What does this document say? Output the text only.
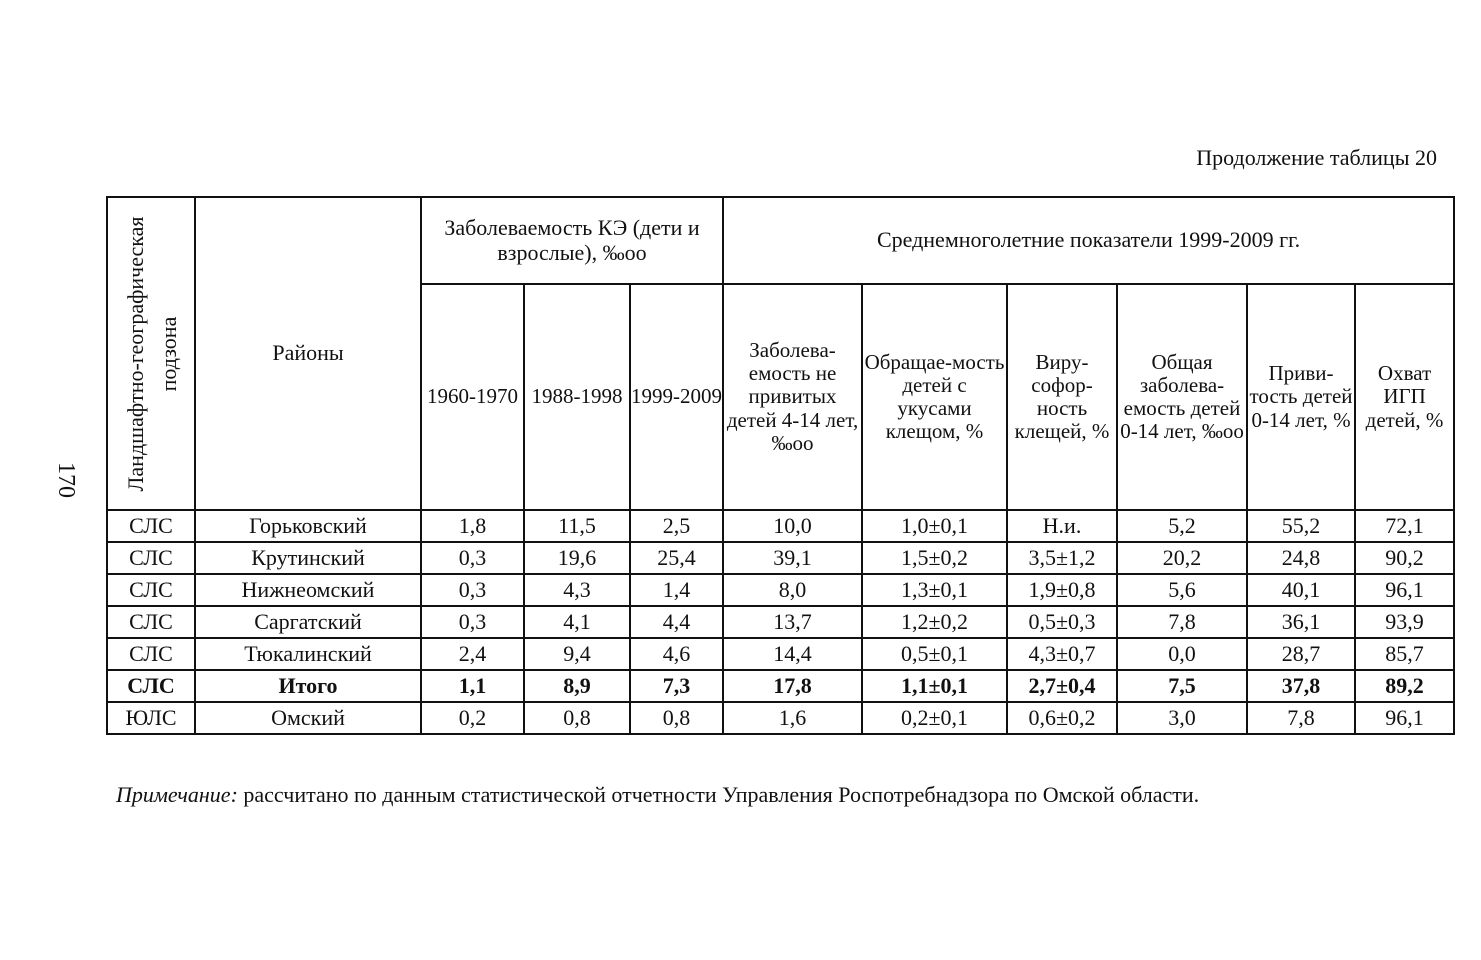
170
Продолжение таблицы 20
Ландшафтно-географическая подзона	Районы	Заболеваемость КЭ (дети и взрослые), ‰oo			Среднемноголетние показатели 1999-2009 гг.					
		1960-1970	1988-1998	1999-2009	Заболева-емость не привитых детей 4-14 лет, ‰oo	Обращае-мость детей с укусами клещом, %	Виру-софор-ность клещей, %	Общая заболева-емость детей 0-14 лет, ‰oo	Приви-тость детей 0-14 лет, %	Охват ИГП детей, %
СЛС	Горьковский	1,8	11,5	2,5	10,0	1,0±0,1	Н.и.	5,2	55,2	72,1
СЛС	Крутинский	0,3	19,6	25,4	39,1	1,5±0,2	3,5±1,2	20,2	24,8	90,2
СЛС	Нижнеомский	0,3	4,3	1,4	8,0	1,3±0,1	1,9±0,8	5,6	40,1	96,1
СЛС	Саргатский	0,3	4,1	4,4	13,7	1,2±0,2	0,5±0,3	7,8	36,1	93,9
СЛС	Тюкалинский	2,4	9,4	4,6	14,4	0,5±0,1	4,3±0,7	0,0	28,7	85,7
СЛС	Итого	1,1	8,9	7,3	17,8	1,1±0,1	2,7±0,4	7,5	37,8	89,2
ЮЛС	Омский	0,2	0,8	0,8	1,6	0,2±0,1	0,6±0,2	3,0	7,8	96,1
Примечание: рассчитано по данным статистической отчетности Управления Роспотребнадзора по Омской области.
